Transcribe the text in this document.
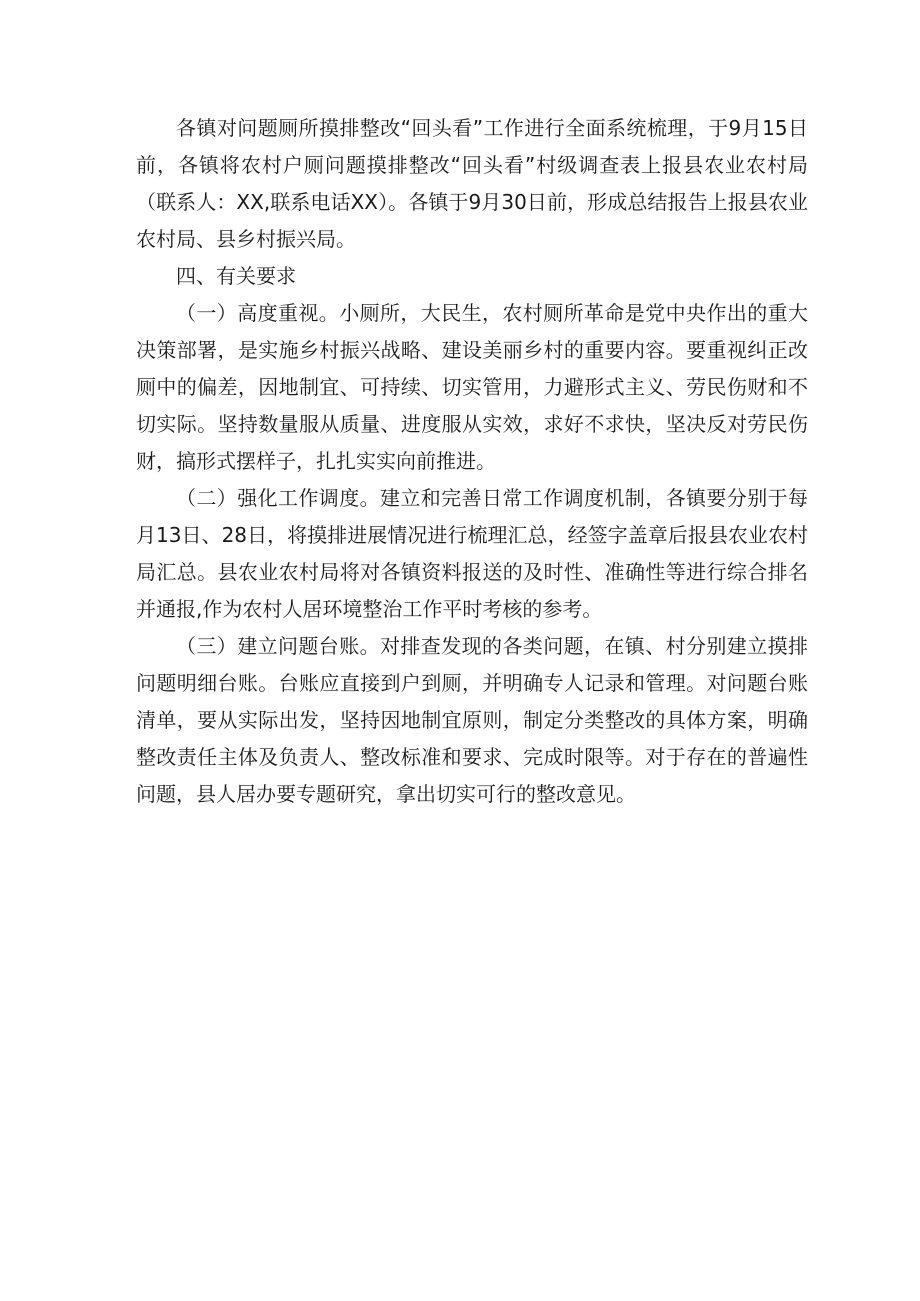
各镇对问题厕所摸排整改“回头看”工作进行全面系统梳理，于9月15日前，各镇将农村户厕问题摸排整改“回头看”村级调查表上报县农业农村局（联系人：XX,联系电话XX）。各镇于9月30日前，形成总结报告上报县农业农村局、县乡村振兴局。

四、有关要求

（一）高度重视。小厕所，大民生，农村厕所革命是党中央作出的重大决策部署，是实施乡村振兴战略、建设美丽乡村的重要内容。要重视纠正改厕中的偏差，因地制宜、可持续、切实管用，力避形式主义、劳民伤财和不切实际。坚持数量服从质量、进度服从实效，求好不求快，坚决反对劳民伤财，搞形式摆样子，扎扎实实向前推进。

（二）强化工作调度。建立和完善日常工作调度机制，各镇要分别于每月13日、28日，将摸排进展情况进行梳理汇总，经签字盖章后报县农业农村局汇总。县农业农村局将对各镇资料报送的及时性、准确性等进行综合排名并通报,作为农村人居环境整治工作平时考核的参考。

（三）建立问题台账。对排查发现的各类问题，在镇、村分别建立摸排问题明细台账。台账应直接到户到厕，并明确专人记录和管理。对问题台账清单，要从实际出发，坚持因地制宜原则，制定分类整改的具体方案，明确整改责任主体及负责人、整改标准和要求、完成时限等。对于存在的普遍性问题，县人居办要专题研究，拿出切实可行的整改意见。
